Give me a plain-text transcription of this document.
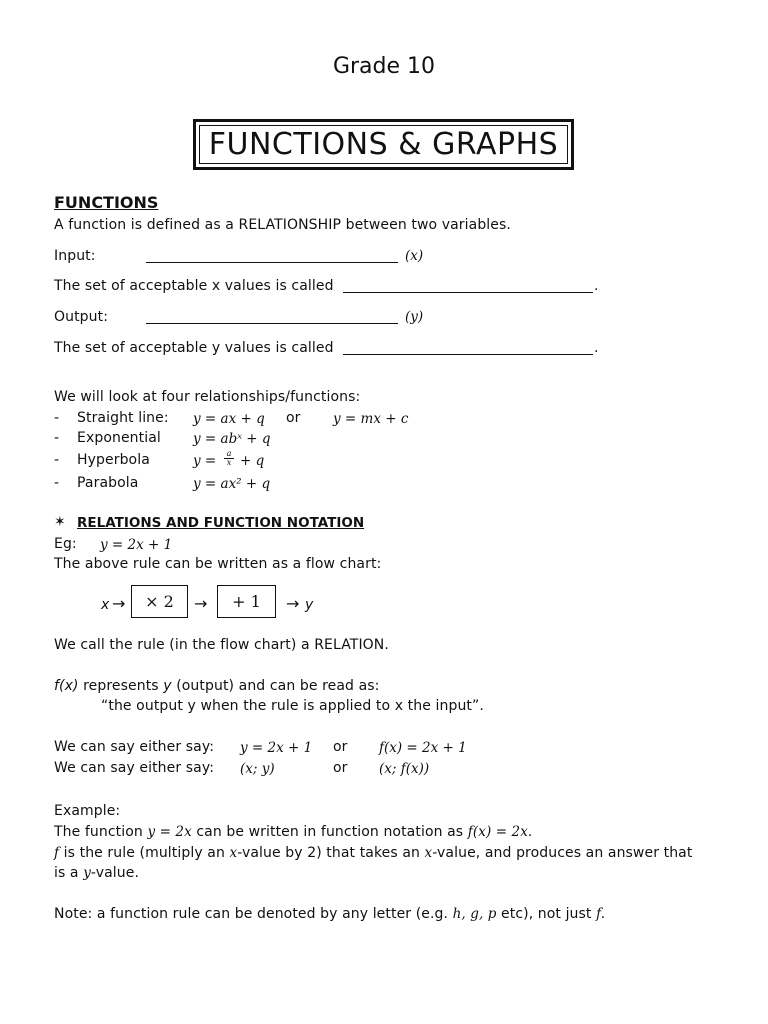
Grade 10
FUNCTIONS & GRAPHS
FUNCTIONS
A function is defined as a RELATIONSHIP between two variables.
Input:	(x)
The set of acceptable x values is called	.
Output:	(y)
The set of acceptable y values is called	.
We will look at four relationships/functions:
- Straight line: y = ax + q or y = mx + c
- Exponential y = abˣ + q
- Hyperbola	$y = \frac{a}{x} + q$
- Parabola	y = ax² + q
✶ RELATIONS AND FUNCTION NOTATION
Eg: y = 2x + 1
The above rule can be written as a flow chart:
x → × 2 → + 1 → y
We call the rule (in the flow chart) a RELATION.
f(x) represents y (output) and can be read as:
“the output y when the rule is applied to x the input”.
We can say either say: y = 2x + 1 or f(x) = 2x + 1
We can say either say: (x; y)	or (x; f(x))
Example:
The function y = 2x can be written in function notation as f(x) = 2x.
f is the rule (multiply an x-value by 2) that takes an x-value, and produces an answer that
is a y-value.
Note: a function rule can be denoted by any letter (e.g. h, g, p etc), not just f.
